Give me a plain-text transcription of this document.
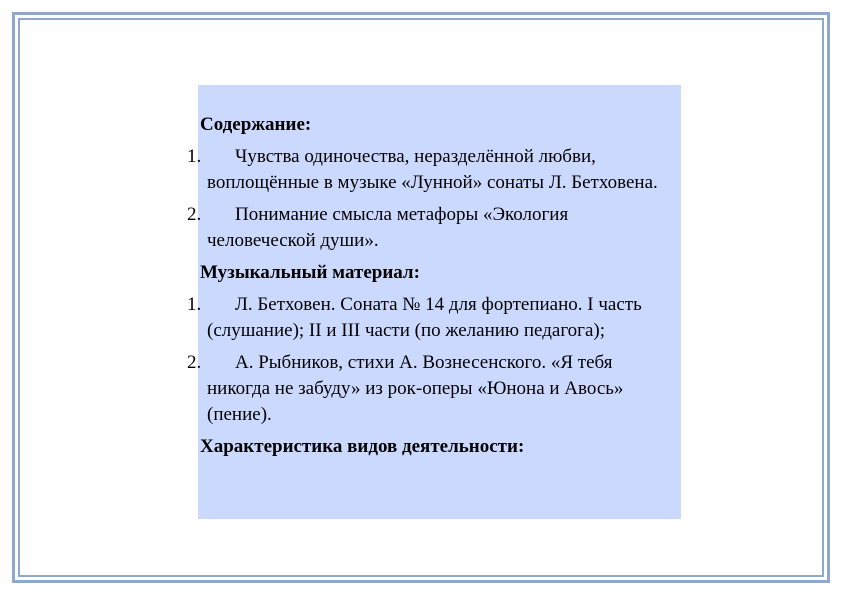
Содержание:

1. Чувства одиночества, неразделённой любви, воплощённые в музыке «Лунной» сонаты Л. Бетховена.

2. Понимание смысла метафоры «Экология человеческой души».

Музыкальный материал:

1. Л. Бетховен. Соната № 14 для фортепиано. I часть (слушание); II и III части (по желанию педагога);

2. А. Рыбников, стихи А. Вознесенского. «Я тебя никогда не забуду» из рок-оперы «Юнона и Авось» (пение).

Характеристика видов деятельности:
